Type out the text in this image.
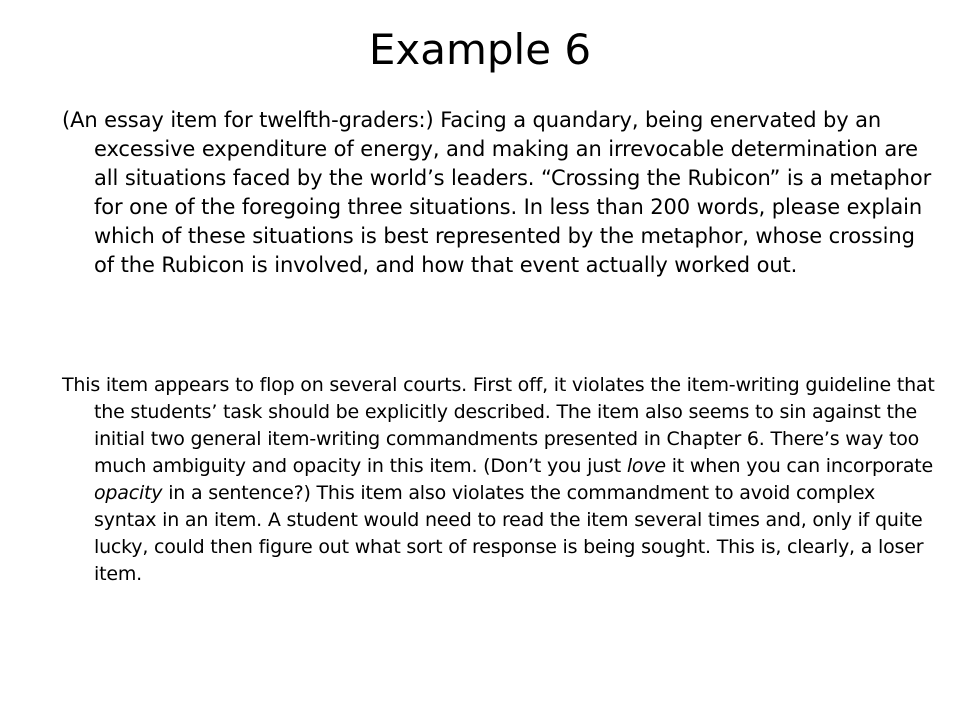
Example 6

(An essay item for twelfth-graders:) Facing a quandary, being enervated by an excessive expenditure of energy, and making an irrevocable determination are all situations faced by the world’s leaders. “Crossing the Rubicon” is a metaphor for one of the foregoing three situations. In less than 200 words, please explain which of these situations is best represented by the metaphor, whose crossing of the Rubicon is involved, and how that event actually worked out.

This item appears to flop on several courts. First off, it violates the item-writing guideline that the students’ task should be explicitly described. The item also seems to sin against the initial two general item-writing commandments presented in Chapter 6. There’s way too much ambiguity and opacity in this item. (Don’t you just love it when you can incorporate opacity in a sentence?) This item also violates the commandment to avoid complex syntax in an item. A student would need to read the item several times and, only if quite lucky, could then figure out what sort of response is being sought. This is, clearly, a loser item.
